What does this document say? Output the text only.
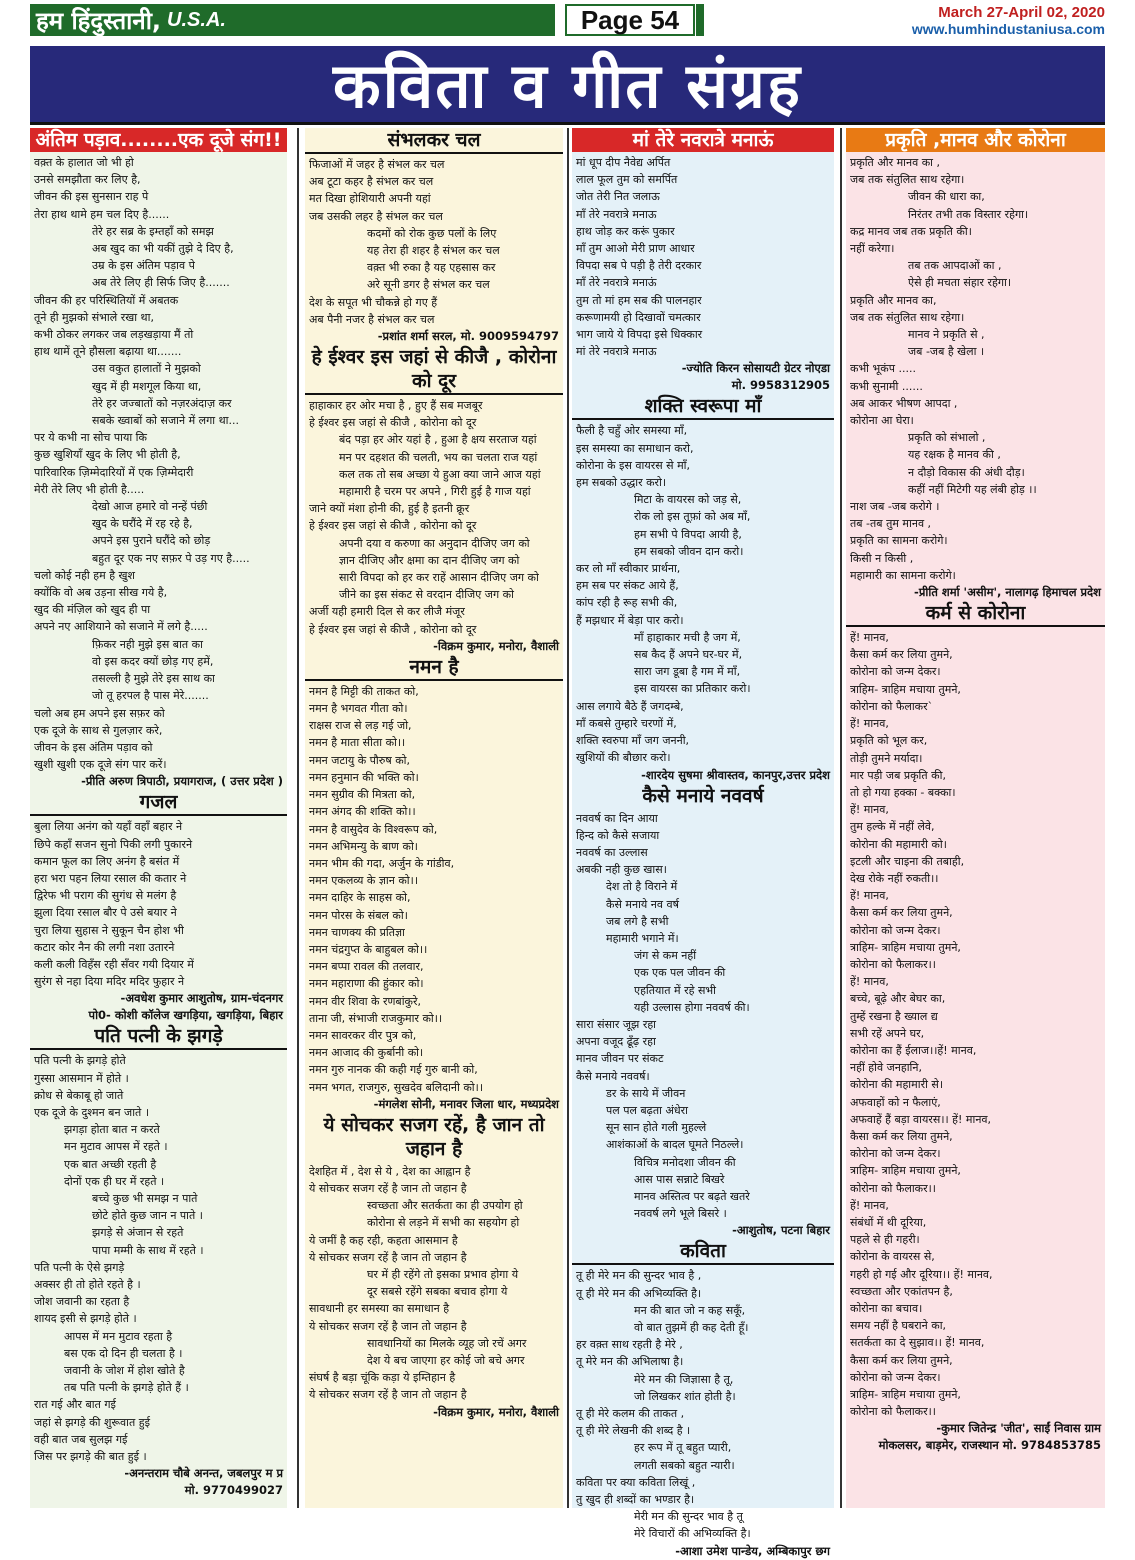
हम हिंदुस्तानी, U.S.A.	Page 54	March 27-April 02, 2020
www.humhindustaniusa.com
कविता व गीत संग्रह
अंतिम पड़ाव........एक दूजे संग!!
वक़्त के हालात जो भी हो
उनसे समझौता कर लिए है,
जीवन की इस सुनसान राह पे
तेरा हाथ थामे हम चल दिए है......
तेरे हर सब्र के इम्तहाँ को समझ
अब खुद का भी यकीं तुझे दे दिए है,
उम्र के इस अंतिम पड़ाव पे
अब तेरे लिए ही सिर्फ जिए है.......
जीवन की हर परिस्थितियों में अबतक
तूने ही मुझको संभाले रखा था,
कभी ठोकर लगकर जब लड़खड़ाया मैं तो
हाथ थामें तूने हौसला बढ़ाया था.......
उस वकुत हालातों ने मुझको
खुद में ही मशगूल किया था,
तेरे हर जज्बातों को नज़रअंदाज़ कर
सबके ख्वाबों को सजाने में लगा था...
पर ये कभी ना सोच पाया कि
कुछ खुशियाँ खुद के लिए भी होती है,
पारिवारिक ज़िम्मेदारियों में एक ज़िम्मेदारी
मेरी तेरे लिए भी होती है.....
देखो आज हमारे वो नन्हें पंछी
खुद के घरौंदे में रह रहे है,
अपने इस पुराने घरौंदे को छोड़
बहुत दूर एक नए सफ़र पे उड़ गए है.....
चलो कोई नही हम है खुश
क्योंकि वो अब उड़ना सीख गये है,
खुद की मंज़िल को खुद ही पा
अपने नए आशियाने को सजाने में लगे है.....
फ़िकर नही मुझे इस बात का
वो इस कदर क्यों छोड़ गए हमें,
तसल्ली है मुझे तेरे इस साथ का
जो तू हरपल है पास मेरे.......
चलो अब हम अपने इस सफ़र को
एक दूजे के साथ से गुलज़ार करे,
जीवन के इस अंतिम पड़ाव को
खुशी खुशी एक दूजे संग पार करें।
-प्रीति अरुण त्रिपाठी, प्रयागराज, ( उत्तर प्रदेश )
गजल
बुला लिया अनंग को यहाँ वहाँ बहार ने
छिपे कहाँ सजन सुनो पिकी लगी पुकारने
कमान फूल का लिए अनंग है बसंत में
हरा भरा पहन लिया रसाल की कतार ने
द्विरेफ भी पराग की सुगंध से मलंग है
झुला दिया रसाल बौर पे उसे बयार ने
चुरा लिया सुहास ने सुकून चैन होश भी
कटार कोर नैन की लगी नशा उतारने
कली कली विहँस रही सँवर गयी दियार में
सुरंग से नहा दिया मदिर मदिर फुहार ने
-अवधेश कुमार आशुतोष, ग्राम-चंदनगर
पो0- कोशी कॉलेज खगड़िया, खगड़िया, बिहार
पति पत्नी के झगड़े
पति पत्नी के झगड़े होते
गुस्सा आसमान में होते ।
क्रोध से बेकाबू हो जाते
एक दूजे के दुश्मन बन जाते ।
झगड़ा होता बात न करते
मन मुटाव आपस में रहते ।
एक बात अच्छी रहती है
दोनों एक ही घर में रहते ।
बच्चे कुछ भी समझ न पाते
छोटे होते कुछ जान न पाते ।
झगड़े से अंजान से रहते
पापा मम्मी के साथ में रहते ।
पति पत्नी के ऐसे झगड़े
अक्सर ही तो होते रहते है ।
जोश जवानी का रहता है
शायद इसी से झगड़े होते ।
आपस में मन मुटाव रहता है
बस एक दो दिन ही चलता है ।
जवानी के जोश में होश खोते है
तब पति पत्नी के झगड़े होते हैं ।
रात गई और बात गई
जहां से झगड़े की शुरूवात हुई
वही बात जब सुलझ गई
जिस पर झगड़े की बात हुई ।
-अनन्तराम चौबे अनन्त, जबलपुर म प्र
मो. 9770499027
संभलकर चल
फिजाओं में जहर है संभल कर चल
अब टूटा कहर है संभल कर चल
मत दिखा होशियारी अपनी यहां
जब उसकी लहर है संभल कर चल
कदमों को रोक कुछ पलों के लिए
यह तेरा ही शहर है संभल कर चल
वक़्त भी रुका है यह एहसास कर
अरे सूनी डगर है संभल कर चल
देश के सपूत भी चौकन्ने हो गए हैं
अब पैनी नजर है संभल कर चल
-प्रशांत शर्मा सरल, मो. 9009594797
हे ईश्वर इस जहां से कीजै , कोरोना को दूर
हाहाकार हर ओर मचा है , हुए हैं सब मजबूर
हे ईश्वर इस जहां से कीजै , कोरोना को दूर
बंद पड़ा हर ओर यहां है , हुआ है क्षय सरताज यहां
मन पर दहशत की चलती, भय का चलता राज यहां
कल तक तो सब अच्छा ये हुआ क्या जाने आज यहां
महामारी है चरम पर अपने , गिरी हुई है गाज यहां
जाने क्यों मंशा होनी की, हुई है इतनी क्रूर
हे ईश्वर इस जहां से कीजै , कोरोना को दूर
अपनी दया व करुणा का अनुदान दीजिए जग को
ज्ञान दीजिए और क्षमा का दान दीजिए जग को
सारी विपदा को हर कर राहें आसान दीजिए जग को
जीने का इस संकट से वरदान दीजिए जग को
अर्जी यही हमारी दिल से कर लीजै मंजूर
हे ईश्वर इस जहां से कीजै , कोरोना को दूर
-विक्रम कुमार, मनोरा, वैशाली
नमन है
नमन है मिट्टी की ताकत को,
नमन है भगवत गीता को।
राक्षस राज से लड़ गई जो,
नमन है माता सीता को।।
नमन जटायु के पौरुष को,
नमन हनुमान की भक्ति को।
नमन सुग्रीव की मित्रता को,
नमन अंगद की शक्ति को।।
नमन है वासुदेव के विश्वरूप को,
नमन अभिमन्यु के बाण को।
नमन भीम की गदा, अर्जुन के गांडीव,
नमन एकलव्य के ज्ञान को।।
नमन दाहिर के साहस को,
नमन पोरस के संबल को।
नमन चाणक्य की प्रतिज्ञा
नमन चंद्रगुप्त के बाहुबल को।।
नमन बप्पा रावल की तलवार,
नमन महाराणा की हुंकार को।
नमन वीर शिवा के रणबांकुरे,
ताना जी, संभाजी राजकुमार को।।
नमन सावरकर वीर पुत्र को,
नमन आजाद की कुर्बानी को।
नमन गुरु नानक की कही गई गुरु बानी को,
नमन भगत, राजगुरु, सुखदेव बलिदानी को।।
-मंगलेश सोनी, मनावर जिला धार, मध्यप्रदेश
ये सोचकर सजग रहें, है जान तो जहान है
देशहित में , देश से ये , देश का आह्वान है
ये सोचकर सजग रहें है जान तो जहान है
स्वच्छता और सतर्कता का ही उपयोग हो
कोरोना से लड़ने में सभी का सहयोग हो
ये जमीं है कह रही, कहता आसमान है
ये सोचकर सजग रहें है जान तो जहान है
घर में ही रहेंगे तो इसका प्रभाव होगा ये
दूर सबसे रहेंगे सबका बचाव होगा ये
सावधानी हर समस्या का समाधान है
ये सोचकर सजग रहें है जान तो जहान है
सावधानियों का मिलके व्यूह जो रचें अगर
देश ये बच जाएगा हर कोई जो बचे अगर
संघर्ष है बड़ा चूंकि कड़ा ये इम्तिहान है
ये सोचकर सजग रहें है जान तो जहान है
-विक्रम कुमार, मनोरा, वैशाली
मां तेरे नवरात्रे मनाऊं
मां धूप दीप नैवेद्य अर्पित
लाल फूल तुम को समर्पित
जोत तेरी नित जलाऊ
माँ तेरे नवरात्रे मनाऊ
हाथ जोड़ कर करूं पुकार
माँ तुम आओ मेरी प्राण आधार
विपदा सब पे पड़ी है तेरी दरकार
माँ तेरे नवरात्रे मनाऊं
तुम तो मां हम सब की पालनहार
करूणामयी हो दिखावों चमत्कार
भाग जाये ये विपदा इसे धिक्कार
मां तेरे नवरात्रे मनाऊ
-ज्योति किरन सोसायटी ग्रेटर नोएडा
मो. 9958312905
शक्ति स्वरूपा माँ
फैली है चहुँ ओर समस्या माँ,
इस समस्या का समाधान करो,
कोरोना के इस वायरस से माँ,
हम सबको उद्धार करो।
मिटा के वायरस को जड़ से,
रोक लो इस तूफ़ां को अब माँ,
हम सभी पे विपदा आयी है,
हम सबको जीवन दान करो।
कर लो माँ स्वीकार प्रार्थना,
हम सब पर संकट आये हैं,
कांप रही है रूह सभी की,
हैं मझधार में बेड़ा पार करो।
माँ हाहाकार मची है जग में,
सब कैद हैं अपने घर-घर में,
सारा जग डूबा है गम में माँ,
इस वायरस का प्रतिकार करो।
आस लगाये बैठे हैं जगदम्बे,
माँ कबसे तुम्हारे चरणों में,
शक्ति स्वरुपा माँ जग जननी,
खुशियों की बौछार करो।
-शारदेय सुषमा श्रीवास्तव, कानपुर,उत्तर प्रदेश
कैसे मनाये नववर्ष
नववर्ष का दिन आया
हिन्द को कैसे सजाया
नववर्ष का उल्लास
अबकी नही कुछ खास।
देश तो है विराने में
कैसे मनाये नव वर्ष
जब लगे है सभी
महामारी भगाने में।
जंग से कम नहीं
एक एक पल जीवन की
एहतियात में रहे सभी
यही उल्लास होगा नववर्ष की।
सारा संसार जूझ रहा
अपना वजूद ढूँढ़ रहा
मानव जीवन पर संकट
कैसे मनाये नववर्ष।
डर के साये में जीवन
पल पल बढ़ता अंधेरा
सून सान होते गली मुहल्ले
आशंकाओं के बादल घूमते निठल्ले।
विचित्र मनोदशा जीवन की
आस पास सन्नाटे बिखरे
मानव अस्तित्व पर बढ़ते खतरे
नववर्ष लगे भूले बिसरे ।
-आशुतोष, पटना बिहार
कविता
तू ही मेरे मन की सुन्दर भाव है ,
तू ही मेरे मन की अभिव्यक्ति है।
मन की बात जो न कह सकूँ,
वो बात तुझमें ही कह देती हूँ।
हर वक़्त साथ रहती है मेरे ,
तू मेरे मन की अभिलाषा है।
मेरे मन की जिज्ञासा है तू,
जो लिखकर शांत होती है।
तू ही मेरे कलम की ताकत ,
तू ही मेरे लेखनी की शब्द है ।
हर रूप में तू बहुत प्यारी,
लगती सबको बहुत न्यारी।
कविता पर क्या कविता लिखूं ,
तु खुद ही शब्दों का भण्डार है।
मेरी मन की सुन्दर भाव है तू
मेरे विचारों की अभिव्यक्ति है।
-आशा उमेश पान्डेय, अम्बिकापुर छग
प्रकृति ,मानव और कोरोना
प्रकृति और मानव का ,
जब तक संतुलित साथ रहेगा।
जीवन की धारा का,
निरंतर तभी तक विस्तार रहेगा।
कद्र मानव जब तक प्रकृति की।
नहीं करेगा।
तब तक आपदाओं का ,
ऐसे ही मचता संहार रहेगा।
प्रकृति और मानव का,
जब तक संतुलित साथ रहेगा।
मानव ने प्रकृति से ,
जब -जब है खेला ।
कभी भूकंप .....
कभी सुनामी ......
अब आकर भीषण आपदा ,
कोरोना आ घेरा।
प्रकृति को संभालो ,
यह रक्षक है मानव की ,
न दौड़ो विकास की अंधी दौड़।
कहीं नहीं मिटेगी यह लंबी होड़ ।।
नाश जब -जब करोगे ।
तब -तब तुम मानव ,
प्रकृति का सामना करोगे।
किसी न किसी ,
महामारी का सामना करोगे।
-प्रीति शर्मा 'असीम', नालागढ़ हिमाचल प्रदेश
कर्म से कोरोना
हें! मानव,
कैसा कर्म कर लिया तुमने,
कोरोना को जन्म देकर।
त्राहिम- त्राहिम मचाया तुमने,
कोरोना को फैलाकर`
हें! मानव,
प्रकृति को भूल कर,
तोड़ी तुमने मर्यादा।
मार पड़ी जब प्रकृति की,
तो हो गया हक्का - बक्का।
हें! मानव,
तुम हल्के में नहीं लेवे,
कोरोना की महामारी को।
इटली और चाइना की तबाही,
देख रोके नहीं रुकती।।
हें! मानव,
कैसा कर्म कर लिया तुमने,
कोरोना को जन्म देकर।
त्राहिम- त्राहिम मचाया तुमने,
कोरोना को फैलाकर।।
हें! मानव,
बच्चे, बूढ़े और बेघर का,
तुम्हें रखना है ख्याल द्य
सभी रहें अपने घर,
कोरोना का हैं ईलाज।।हें! मानव,
नहीं होवे जनहानि,
कोरोना की महामारी से।
अफवाहों को न फैलाएं,
अफवाहें हैं बड़ा वायरस।। हें! मानव,
कैसा कर्म कर लिया तुमने,
कोरोना को जन्म देकर।
त्राहिम- त्राहिम मचाया तुमने,
कोरोना को फैलाकर।।
हें! मानव,
संबंधों में थी दूरिया,
पहले से ही गहरी।
कोरोना के वायरस से,
गहरी हो गई और दूरिया।। हें! मानव,
स्वच्छता और एकांतपन है,
कोरोना का बचाव।
समय नहीं है घबराने का,
सतर्कता का दे सुझाव।। हें! मानव,
कैसा कर्म कर लिया तुमने,
कोरोना को जन्म देकर।
त्राहिम- त्राहिम मचाया तुमने,
कोरोना को फैलाकर।।
-कुमार जितेन्द्र 'जीत', साईं निवास ग्राम
मोकलसर, बाड़मेर, राजस्थान मो. 9784853785
